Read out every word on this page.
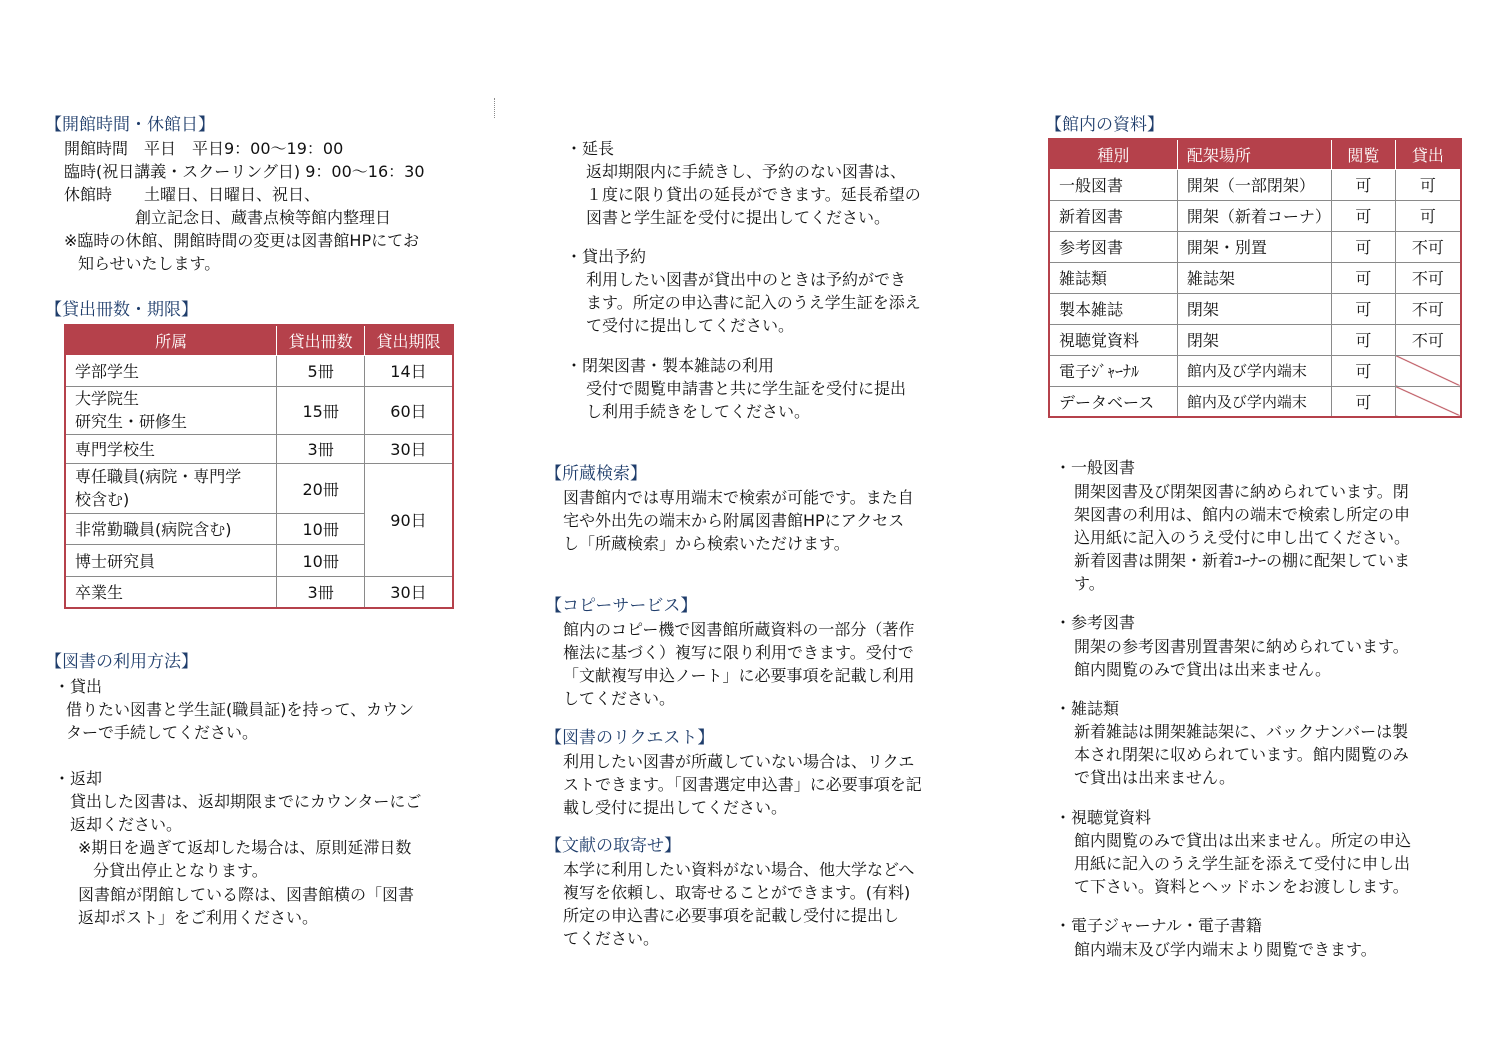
【開館時間・休館日】
開館時間　平日　平日9：00～19：00
臨時(祝日講義・スクーリング日) 9：00～16：30
休館時　　土曜日、日曜日、祝日、
創立記念日、蔵書点検等館内整理日
※臨時の休館、開館時間の変更は図書館HPにてお
知らせいたします。
【貸出冊数・期限】
所属	貸出冊数	貸出期限
学部学生	5冊	14日
大学院生
研究生・研修生	15冊	60日
専門学校生	3冊	30日
専任職員(病院・専門学
校含む)	20冊	90日
非常勤職員(病院含む)	10冊	
博士研究員	10冊	
卒業生	3冊	30日
【図書の利用方法】
・貸出
借りたい図書と学生証(職員証)を持って、カウン
ターで手続してください。
・返却
貸出した図書は、返却期限までにカウンターにご
返却ください。
※期日を過ぎて返却した場合は、原則延滞日数
分貸出停止となります。
図書館が閉館している際は、図書館横の「図書
返却ポスト」をご利用ください。
・延長
返却期限内に手続きし、予約のない図書は、
１度に限り貸出の延長ができます。延長希望の
図書と学生証を受付に提出してください。
・貸出予約
利用したい図書が貸出中のときは予約ができ
ます。所定の申込書に記入のうえ学生証を添え
て受付に提出してください。
・閉架図書・製本雑誌の利用
受付で閲覧申請書と共に学生証を受付に提出
し利用手続きをしてください。
【所蔵検索】
図書館内では専用端末で検索が可能です。また自
宅や外出先の端末から附属図書館HPにアクセス
し「所蔵検索」から検索いただけます。
【コピーサービス】
館内のコピー機で図書館所蔵資料の一部分（著作
権法に基づく）複写に限り利用できます。受付で
「文献複写申込ノート」に必要事項を記載し利用
してください。
【図書のリクエスト】
利用したい図書が所蔵していない場合は、リクエ
ストできます。「図書選定申込書」に必要事項を記
載し受付に提出してください。
【文献の取寄せ】
本学に利用したい資料がない場合、他大学などへ
複写を依頼し、取寄せることができます。(有料)
所定の申込書に必要事項を記載し受付に提出し
てください。
【館内の資料】
種別	配架場所	閲覧	貸出
一般図書	開架（一部閉架）	可	可
新着図書	開架（新着コーナ）	可	可
参考図書	開架・別置	可	不可
雑誌類	雑誌架	可	不可
製本雑誌	閉架	可	不可
視聴覚資料	閉架	可	不可
電子ｼﾞｬｰﾅﾙ	館内及び学内端末	可	
データベース	館内及び学内端末	可	
・一般図書
開架図書及び閉架図書に納められています。閉
架図書の利用は、館内の端末で検索し所定の申
込用紙に記入のうえ受付に申し出てください。
新着図書は開架・新着ｺｰﾅｰの棚に配架していま
す。
・参考図書
開架の参考図書別置書架に納められています。
館内閲覧のみで貸出は出来ません。
・雑誌類
新着雑誌は開架雑誌架に、バックナンバーは製
本され閉架に収められています。館内閲覧のみ
で貸出は出来ません。
・視聴覚資料
館内閲覧のみで貸出は出来ません。所定の申込
用紙に記入のうえ学生証を添えて受付に申し出
て下さい。資料とヘッドホンをお渡しします。
・電子ジャーナル・電子書籍
館内端末及び学内端末より閲覧できます。
